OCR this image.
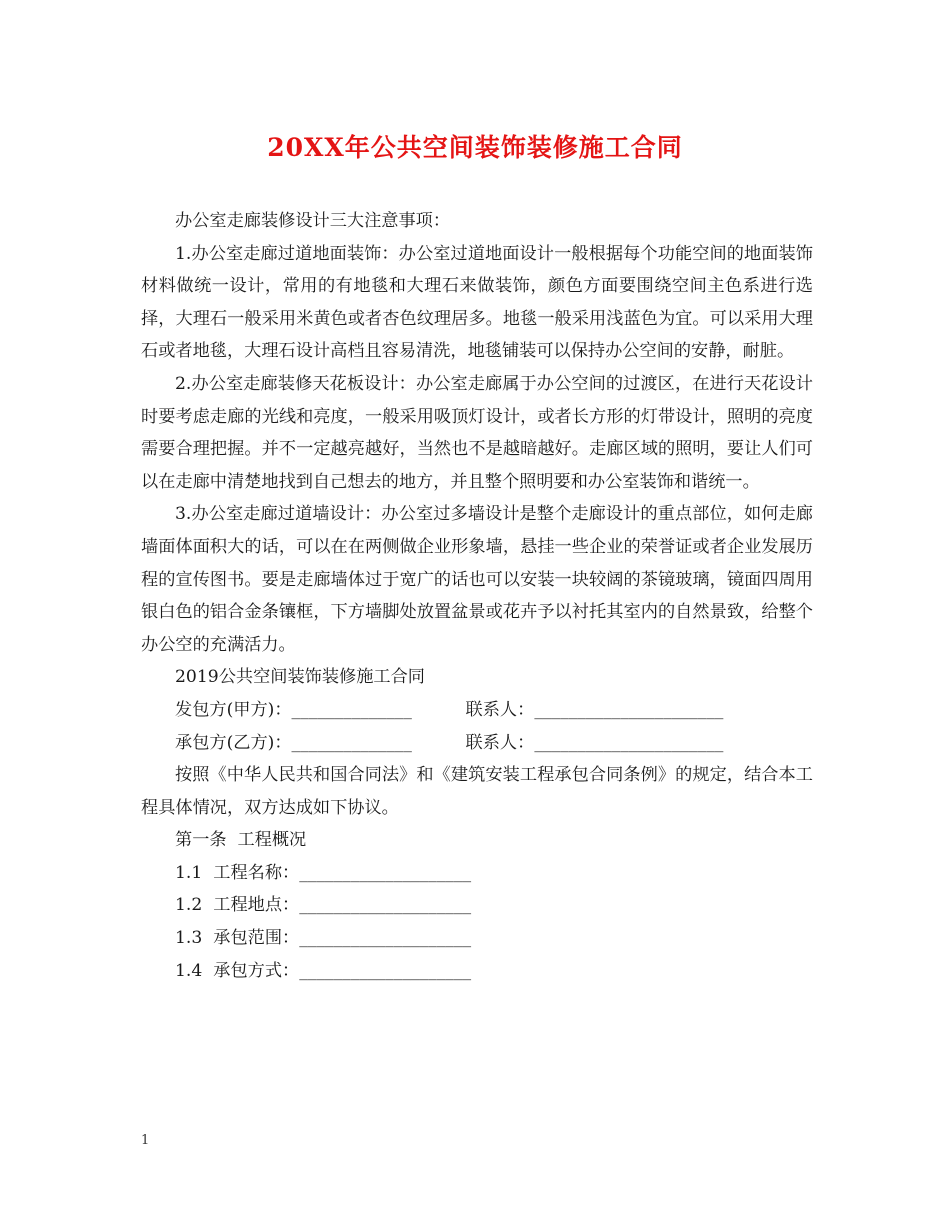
20XX年公共空间装饰装修施工合同

办公室走廊装修设计三大注意事项：

1.办公室走廊过道地面装饰：办公室过道地面设计一般根据每个功能空间的地面装饰材料做统一设计，常用的有地毯和大理石来做装饰，颜色方面要围绕空间主色系进行选择，大理石一般采用米黄色或者杏色纹理居多。地毯一般采用浅蓝色为宜。可以采用大理石或者地毯，大理石设计高档且容易清洗，地毯铺装可以保持办公空间的安静，耐脏。

2.办公室走廊装修天花板设计：办公室走廊属于办公空间的过渡区，在进行天花设计时要考虑走廊的光线和亮度，一般采用吸顶灯设计，或者长方形的灯带设计，照明的亮度需要合理把握。并不一定越亮越好，当然也不是越暗越好。走廊区域的照明，要让人们可以在走廊中清楚地找到自己想去的地方，并且整个照明要和办公室装饰和谐统一。

3.办公室走廊过道墙设计：办公室过多墙设计是整个走廊设计的重点部位，如何走廊墙面体面积大的话，可以在在两侧做企业形象墙，悬挂一些企业的荣誉证或者企业发展历程的宣传图书。要是走廊墙体过于宽广的话也可以安装一块较阔的茶镜玻璃，镜面四周用银白色的铝合金条镶框，下方墙脚处放置盆景或花卉予以衬托其室内的自然景致，给整个办公空的充满活力。

2019公共空间装饰装修施工合同

发包方(甲方)：______________	联系人：______________________

承包方(乙方)：______________	联系人：______________________

按照《中华人民共和国合同法》和《建筑安装工程承包合同条例》的规定，结合本工程具体情况，双方达成如下协议。

第一条  工程概况

1.1  工程名称：____________________

1.2  工程地点：____________________

1.3  承包范围：____________________

1.4  承包方式：____________________

1
